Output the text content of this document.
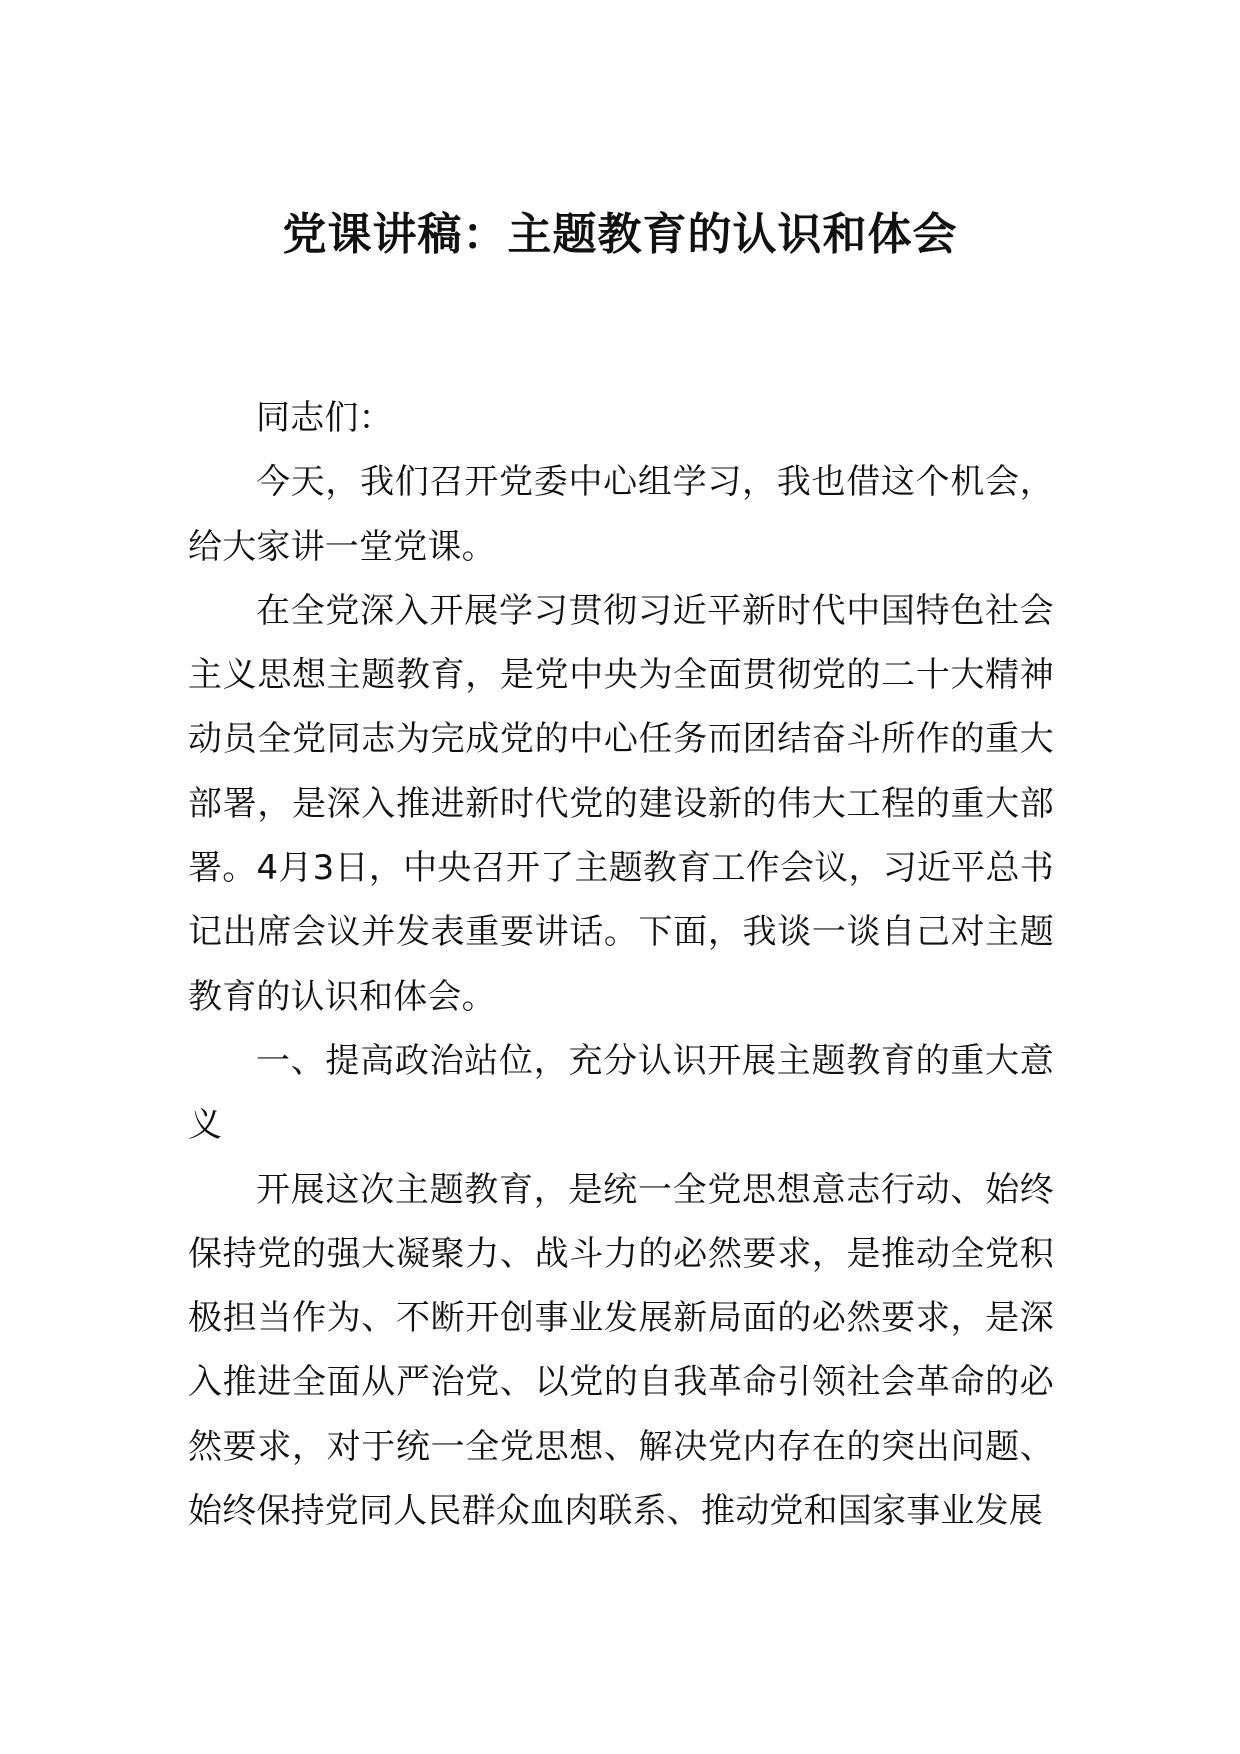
党课讲稿：主题教育的认识和体会

同志们：

今天，我们召开党委中心组学习，我也借这个机会，给大家讲一堂党课。

在全党深入开展学习贯彻习近平新时代中国特色社会主义思想主题教育，是党中央为全面贯彻党的二十大精神动员全党同志为完成党的中心任务而团结奋斗所作的重大部署，是深入推进新时代党的建设新的伟大工程的重大部署。4月3日，中央召开了主题教育工作会议，习近平总书记出席会议并发表重要讲话。下面，我谈一谈自己对主题教育的认识和体会。

一、提高政治站位，充分认识开展主题教育的重大意义

开展这次主题教育，是统一全党思想意志行动、始终保持党的强大凝聚力、战斗力的必然要求，是推动全党积极担当作为、不断开创事业发展新局面的必然要求，是深入推进全面从严治党、以党的自我革命引领社会革命的必然要求，对于统一全党思想、解决党内存在的突出问题、始终保持党同人民群众血肉联系、推动党和国家事业发展
